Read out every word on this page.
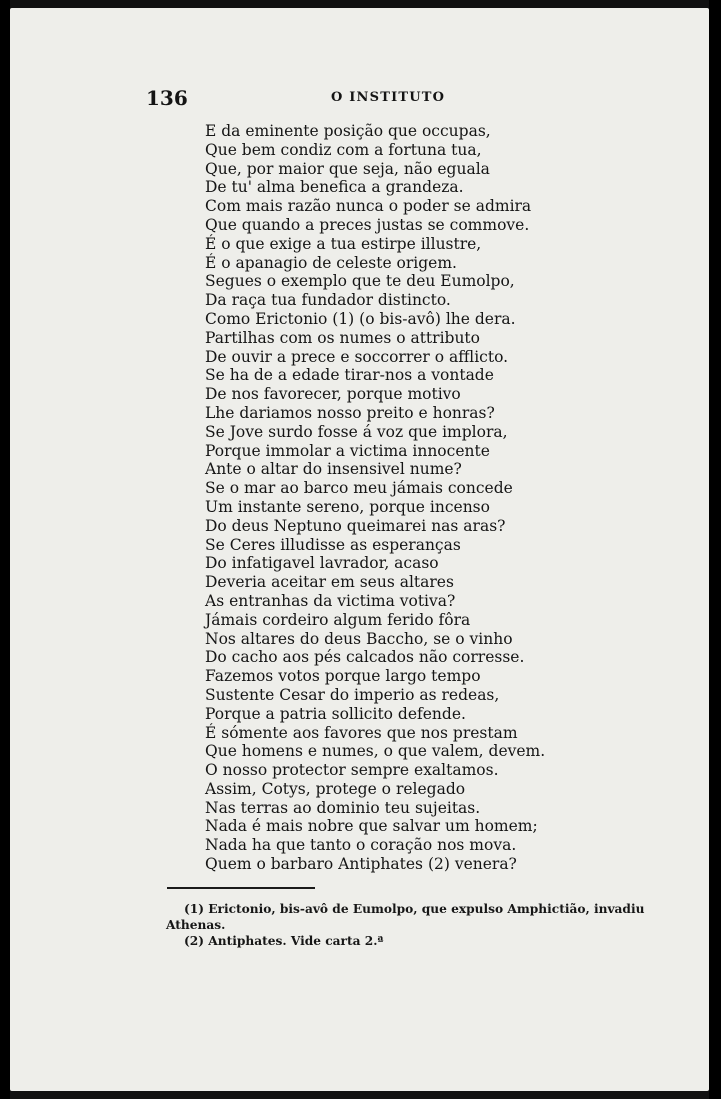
136	O INSTITUTO
E da eminente posição que occupas,
Que bem condiz com a fortuna tua,
Que, por maior que seja, não eguala
De tu' alma benefica a grandeza.
Com mais razão nunca o poder se admira
Que quando a preces justas se commove.
É o que exige a tua estirpe illustre,
É o apanagio de celeste origem.
Segues o exemplo que te deu Eumolpo,
Da raça tua fundador distincto.
Como Erictonio (1) (o bis-avô) lhe dera.
Partilhas com os numes o attributo
De ouvir a prece e soccorrer o afflicto.
Se ha de a edade tirar-nos a vontade
De nos favorecer, porque motivo
Lhe dariamos nosso preito e honras?
Se Jove surdo fosse á voz que implora,
Porque immolar a victima innocente
Ante o altar do insensivel nume?
Se o mar ao barco meu jámais concede
Um instante sereno, porque incenso
Do deus Neptuno queimarei nas aras?
Se Ceres illudisse as esperanças
Do infatigavel lavrador, acaso
Deveria aceitar em seus altares
As entranhas da victima votiva?
Jámais cordeiro algum ferido fôra
Nos altares do deus Baccho, se o vinho
Do cacho aos pés calcados não corresse.
Fazemos votos porque largo tempo
Sustente Cesar do imperio as redeas,
Porque a patria sollicito defende.
É sómente aos favores que nos prestam
Que homens e numes, o que valem, devem.
O nosso protector sempre exaltamos.
Assim, Cotys, protege o relegado
Nas terras ao dominio teu sujeitas.
Nada é mais nobre que salvar um homem;
Nada ha que tanto o coração nos mova.
Quem o barbaro Antiphates (2) venera?
(1) Erictonio, bis-avô de Eumolpo, que expulso Amphictião, invadiu
Athenas.
(2) Antiphates. Vide carta 2.ª
